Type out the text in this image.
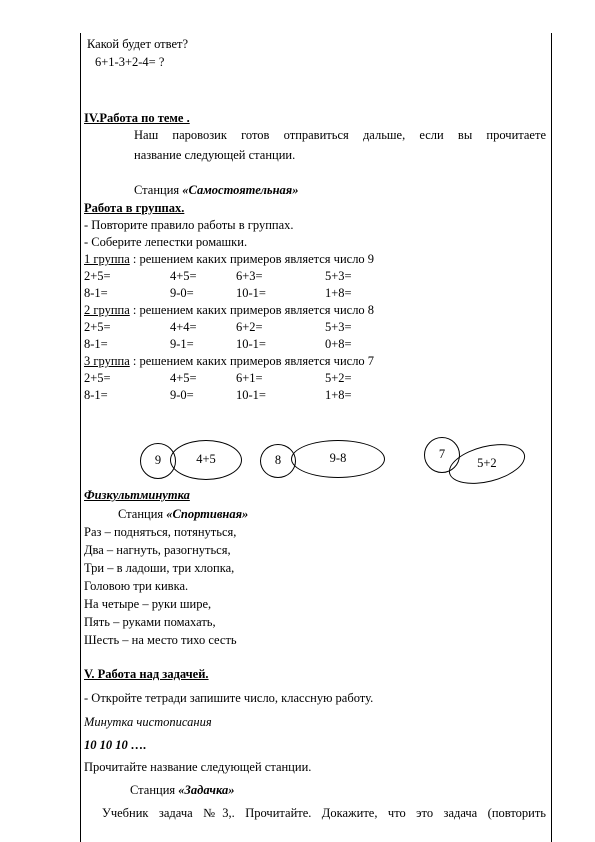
Какой будет ответ?
6+1-3+2-4= ?
IV.Работа по теме .
Наш паровозик готов отправиться дальше, если вы прочитаете
название следующей станции.
Станция «Самостоятельная»
Работа в группах.
- Повторите правило работы в группах.
- Соберите лепестки ромашки.
1 группа : решением каких примеров является число 9
2+5=	4+5=	6+3=	5+3=
8-1=	9-0=	10-1=	1+8=
2 группа : решением каких примеров является число 8
2+5=	4+4=	6+2=	5+3=
8-1=	9-1=	10-1=	0+8=
3 группа : решением каких примеров является число 7
2+5=	4+5=	6+1=	5+2=
8-1=	9-0=	10-1=	1+8=
9	4+5	8	9-8	7
5+2
Физкультминутка
Станция «Спортивная»
Раз – подняться, потянуться,
Два – нагнуть, разогнуться,
Три – в ладоши, три хлопка,
Головою три кивка.
На четыре – руки шире,
Пять – руками помахать,
Шесть – на место тихо сесть
V. Работа над задачей.
- Откройте тетради запишите число, классную работу.
Минутка чистописания
10 10 10 ….
Прочитайте название следующей станции.
Станция «Задачка»
Учебник задача №3,. Прочитайте. Докажите, что это задача (повторить
